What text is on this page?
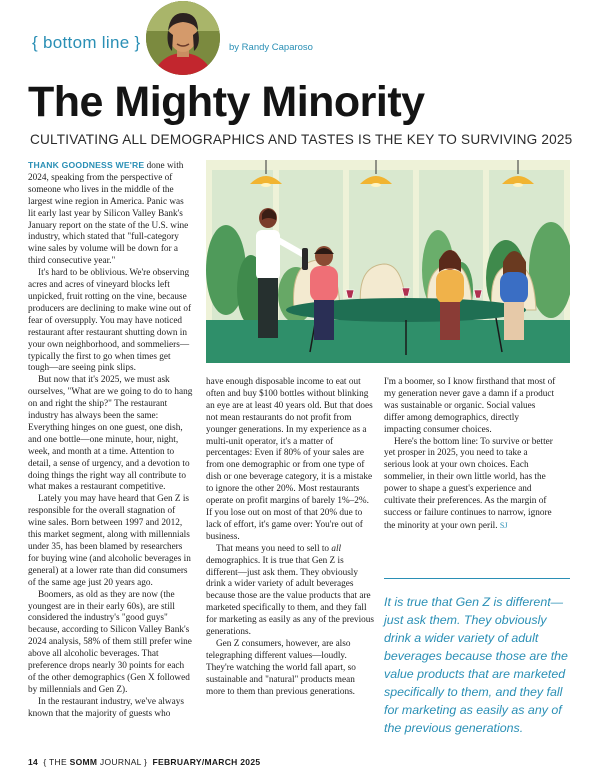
{ bottom line }	by Randy Caparoso
The Mighty Minority
CULTIVATING ALL DEMOGRAPHICS AND TASTES IS THE KEY TO SURVIVING 2025

THANK GOODNESS WE'RE done with 2024, speaking from the perspective of someone who lives in the middle of the largest wine region in America. Panic was lit early last year by Silicon Valley Bank's January report on the state of the U.S. wine industry, which stated that "full-category wine sales by volume will be down for a third consecutive year."

It's hard to be oblivious. We're observing acres and acres of vineyard blocks left unpicked, fruit rotting on the vine, because producers are declining to make wine out of fear of oversupply. You may have noticed restaurant after restaurant shutting down in your own neighborhood, and sommeliers—typically the first to go when times get tough—are seeing pink slips.

But now that it's 2025, we must ask ourselves, "What are we going to do to hang on and right the ship?" The restaurant industry has always been the same: Everything hinges on one guest, one dish, and one bottle—one minute, hour, night, week, and month at a time. Attention to detail, a sense of urgency, and a devotion to doing things the right way all contribute to what makes a restaurant competitive.

Lately you may have heard that Gen Z is responsible for the overall stagnation of wine sales. Born between 1997 and 2012, this market segment, along with millennials under 35, has been blamed by researchers for buying wine (and alcoholic beverages in general) at a lower rate than did consumers of the same age just 20 years ago.

Boomers, as old as they are now (the youngest are in their early 60s), are still considered the industry's "good guys" because, according to Silicon Valley Bank's 2024 analysis, 58% of them still prefer wine above all alcoholic beverages. That preference drops nearly 30 points for each of the other demographics (Gen X followed by millennials and Gen Z).

In the restaurant industry, we've always known that the majority of guests who

have enough disposable income to eat out often and buy $100 bottles without blinking an eye are at least 40 years old. But that does not mean restaurants do not profit from younger generations. In my experience as a multi-unit operator, it's a matter of percentages: Even if 80% of your sales are from one demographic or from one type of dish or one beverage category, it is a mistake to ignore the other 20%. Most restaurants operate on profit margins of barely 1%–2%. If you lose out on most of that 20% due to lack of effort, it's game over: You're out of business.

That means you need to sell to all demographics. It is true that Gen Z is different—just ask them. They obviously drink a wider variety of adult beverages because those are the value products that are marketed specifically to them, and they fall for marketing as easily as any of the previous generations.

Gen Z consumers, however, are also telegraphing different values—loudly. They're watching the world fall apart, so sustainable and "natural" products mean more to them than previous generations.

I'm a boomer, so I know firsthand that most of my generation never gave a damn if a product was sustainable or organic. Social values differ among demographics, directly impacting consumer choices.

Here's the bottom line: To survive or better yet prosper in 2025, you need to take a serious look at your own choices. Each sommelier, in their own little world, has the power to shape a guest's experience and cultivate their preferences. As the margin of success or failure continues to narrow, ignore the minority at your own peril. SJ

It is true that Gen Z is different—just ask them. They obviously drink a wider variety of adult beverages because those are the value products that are marketed specifically to them, and they fall for marketing as easily as any of the previous generations.
14 { THE SOMM JOURNAL } FEBRUARY/MARCH 2025
